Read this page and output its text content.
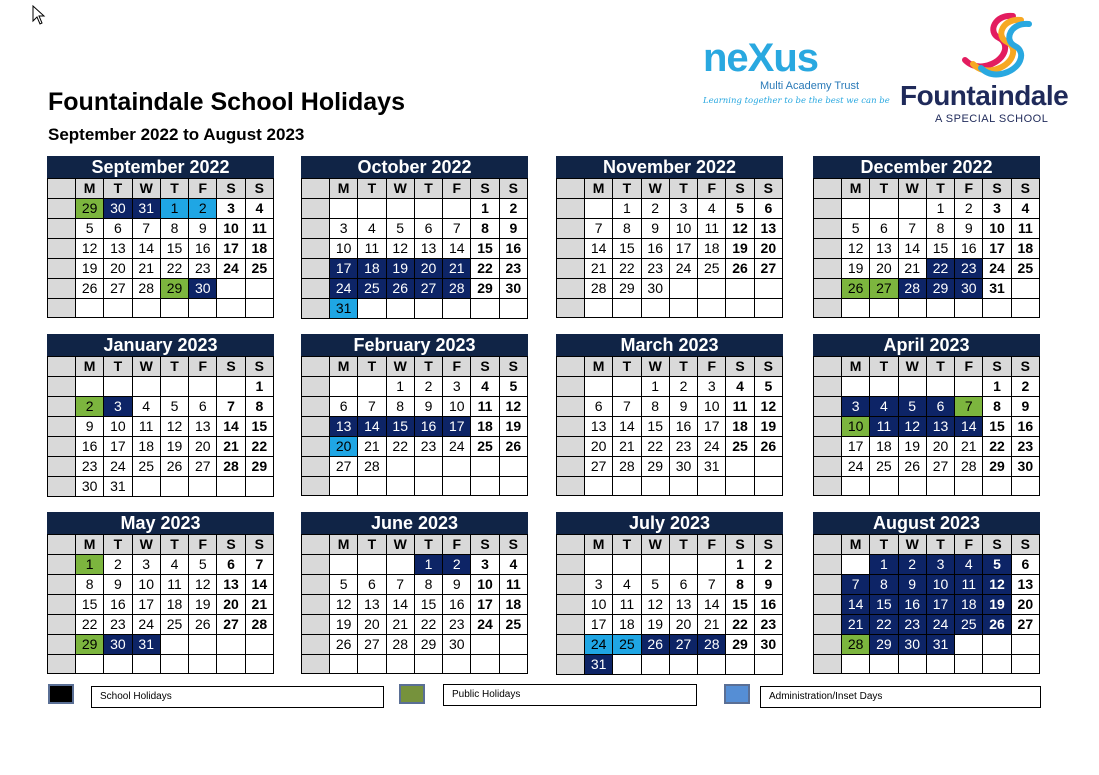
Fountaindale School Holidays
September 2022 to August 2023
neXus
Multi Academy Trust
Learning together to be the best we can be Fountaindale
A SPECIAL SCHOOL
September 2022
	M	T	W	T	F	S	S
	29	30	31	1	2	3	4
	5	6	7	8	9	10	11
	12	13	14	15	16	17	18
	19	20	21	22	23	24	25
	26	27	28	29	30		

October 2022
	M	T	W	T	F	S	S
						1	2
	3	4	5	6	7	8	9
	10	11	12	13	14	15	16
	17	18	19	20	21	22	23
	24	25	26	27	28	29	30
	31						
November 2022
	M	T	W	T	F	S	S
		1	2	3	4	5	6
	7	8	9	10	11	12	13
	14	15	16	17	18	19	20
	21	22	23	24	25	26	27
	28	29	30				

December 2022
	M	T	W	T	F	S	S
				1	2	3	4
	5	6	7	8	9	10	11
	12	13	14	15	16	17	18
	19	20	21	22	23	24	25
	26	27	28	29	30	31	

January 2023
	M	T	W	T	F	S	S
							1
	2	3	4	5	6	7	8
	9	10	11	12	13	14	15
	16	17	18	19	20	21	22
	23	24	25	26	27	28	29
	30	31					
February 2023
	M	T	W	T	F	S	S
			1	2	3	4	5
	6	7	8	9	10	11	12
	13	14	15	16	17	18	19
	20	21	22	23	24	25	26
	27	28					

March 2023
	M	T	W	T	F	S	S
			1	2	3	4	5
	6	7	8	9	10	11	12
	13	14	15	16	17	18	19
	20	21	22	23	24	25	26
	27	28	29	30	31		

April 2023
	M	T	W	T	F	S	S
						1	2
	3	4	5	6	7	8	9
	10	11	12	13	14	15	16
	17	18	19	20	21	22	23
	24	25	26	27	28	29	30

May 2023
	M	T	W	T	F	S	S
	1	2	3	4	5	6	7
	8	9	10	11	12	13	14
	15	16	17	18	19	20	21
	22	23	24	25	26	27	28
	29	30	31				

June 2023
	M	T	W	T	F	S	S
				1	2	3	4
	5	6	7	8	9	10	11
	12	13	14	15	16	17	18
	19	20	21	22	23	24	25
	26	27	28	29	30		

July 2023
	M	T	W	T	F	S	S
						1	2
	3	4	5	6	7	8	9
	10	11	12	13	14	15	16
	17	18	19	20	21	22	23
	24	25	26	27	28	29	30
	31						
August 2023
	M	T	W	T	F	S	S
		1	2	3	4	5	6
	7	8	9	10	11	12	13
	14	15	16	17	18	19	20
	21	22	23	24	25	26	27
	28	29	30	31			

School Holidays	Public Holidays	Administration/Inset Days
